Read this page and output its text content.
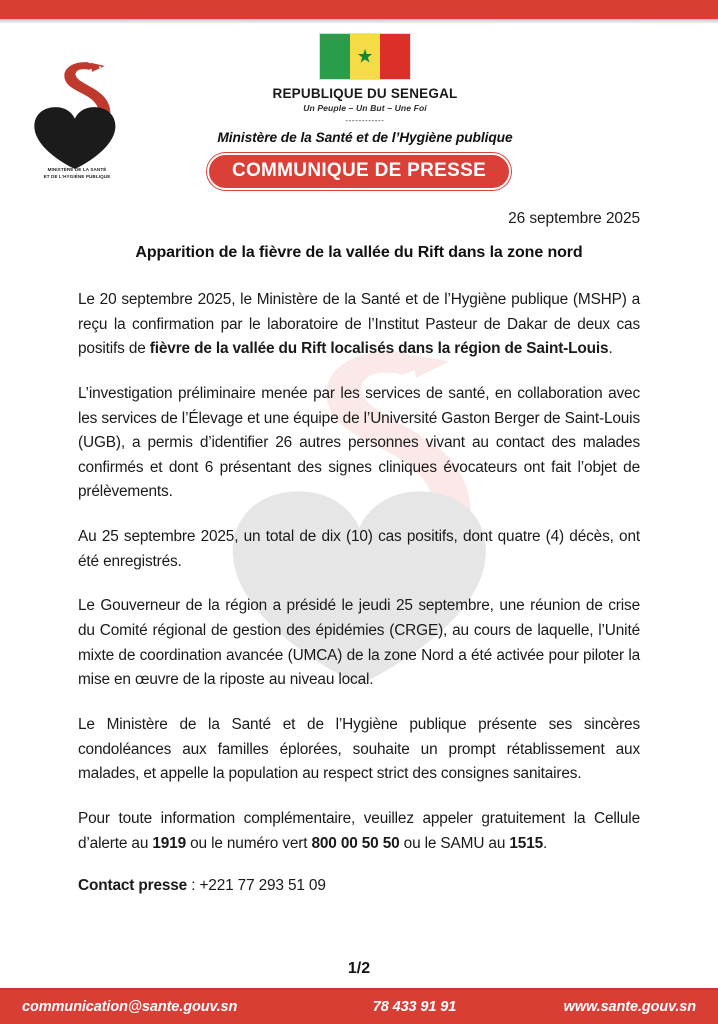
MINISTÈRE DE LA SANTÉ
ET DE L'HYGIÈNE PUBLIQUE
★
REPUBLIQUE DU SENEGAL
Un Peuple – Un But – Une Foi
------------
Ministère de la Santé et de l’Hygiène publique
COMMUNIQUE DE PRESSE
26 septembre 2025
Apparition de la fièvre de la vallée du Rift dans la zone nord

Le 20 septembre 2025, le Ministère de la Santé et de l’Hygiène publique (MSHP) a reçu la confirmation par le laboratoire de l’Institut Pasteur de Dakar de deux cas positifs de fièvre de la vallée du Rift localisés dans la région de Saint-Louis.

L’investigation préliminaire menée par les services de santé, en collaboration avec les services de l’Élevage et une équipe de l’Université Gaston Berger de Saint-Louis (UGB), a permis d’identifier 26 autres personnes vivant au contact des malades confirmés et dont 6 présentant des signes cliniques évocateurs ont fait l’objet de prélèvements.

Au 25 septembre 2025, un total de dix (10) cas positifs, dont quatre (4) décès, ont été enregistrés.

Le Gouverneur de la région a présidé le jeudi 25 septembre, une réunion de crise du Comité régional de gestion des épidémies (CRGE), au cours de laquelle, l’Unité mixte de coordination avancée (UMCA) de la zone Nord a été activée pour piloter la mise en œuvre de la riposte au niveau local.

Le Ministère de la Santé et de l’Hygiène publique présente ses sincères condoléances aux familles éplorées, souhaite un prompt rétablissement aux malades, et appelle la population au respect strict des consignes sanitaires.

Pour toute information complémentaire, veuillez appeler gratuitement la Cellule d’alerte au 1919 ou le numéro vert 800 00 50 50 ou le SAMU au 1515.

Contact presse : +221 77 293 51 09
1/2
communication@sante.gouv.sn	78 433 91 91	www.sante.gouv.sn
